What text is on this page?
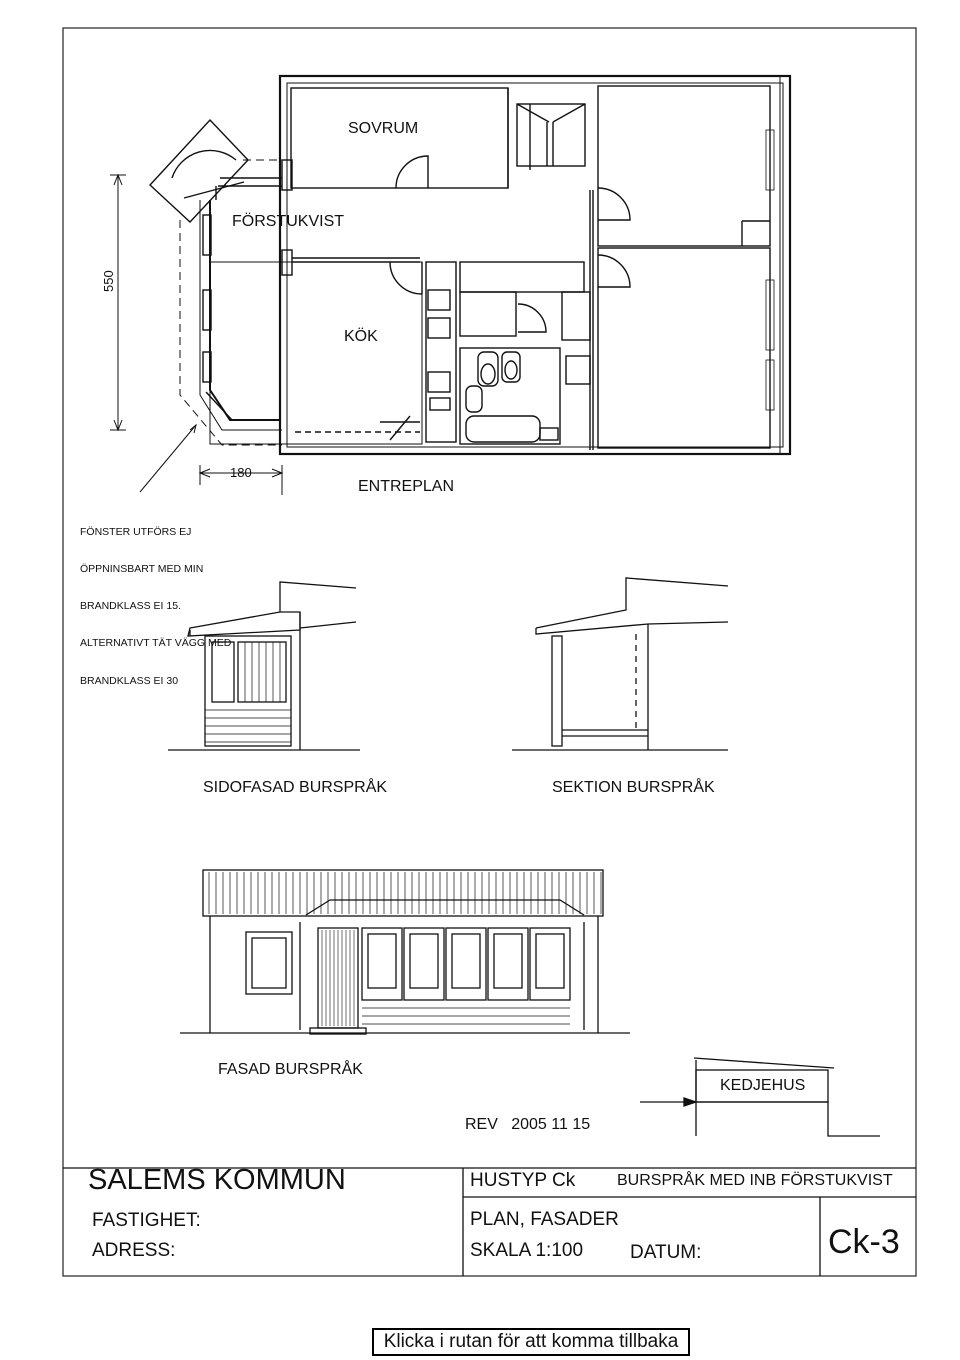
SOVRUM
FÖRSTUKVIST
KÖK
550
180
ENTREPLAN

FÖNSTER UTFÖRS EJ

ÖPPNINSBART MED MIN

BRANDKLASS EI 15.

ALTERNATIVT TÄT VÄGG MED

BRANDKLASS EI 30

SIDOFASAD BURSPRÅK	SEKTION BURSPRÅK
FASAD BURSPRÅK
KEDJEHUS
REV   2005 11 15
SALEMS KOMMUN	HUSTYP Ck	BURSPRÅK MED INB FÖRSTUKVIST
FASTIGHET:
ADRESS:
PLAN, FASADER
SKALA 1:100 DATUM:	Ck-3
Klicka i rutan för att komma tillbaka
